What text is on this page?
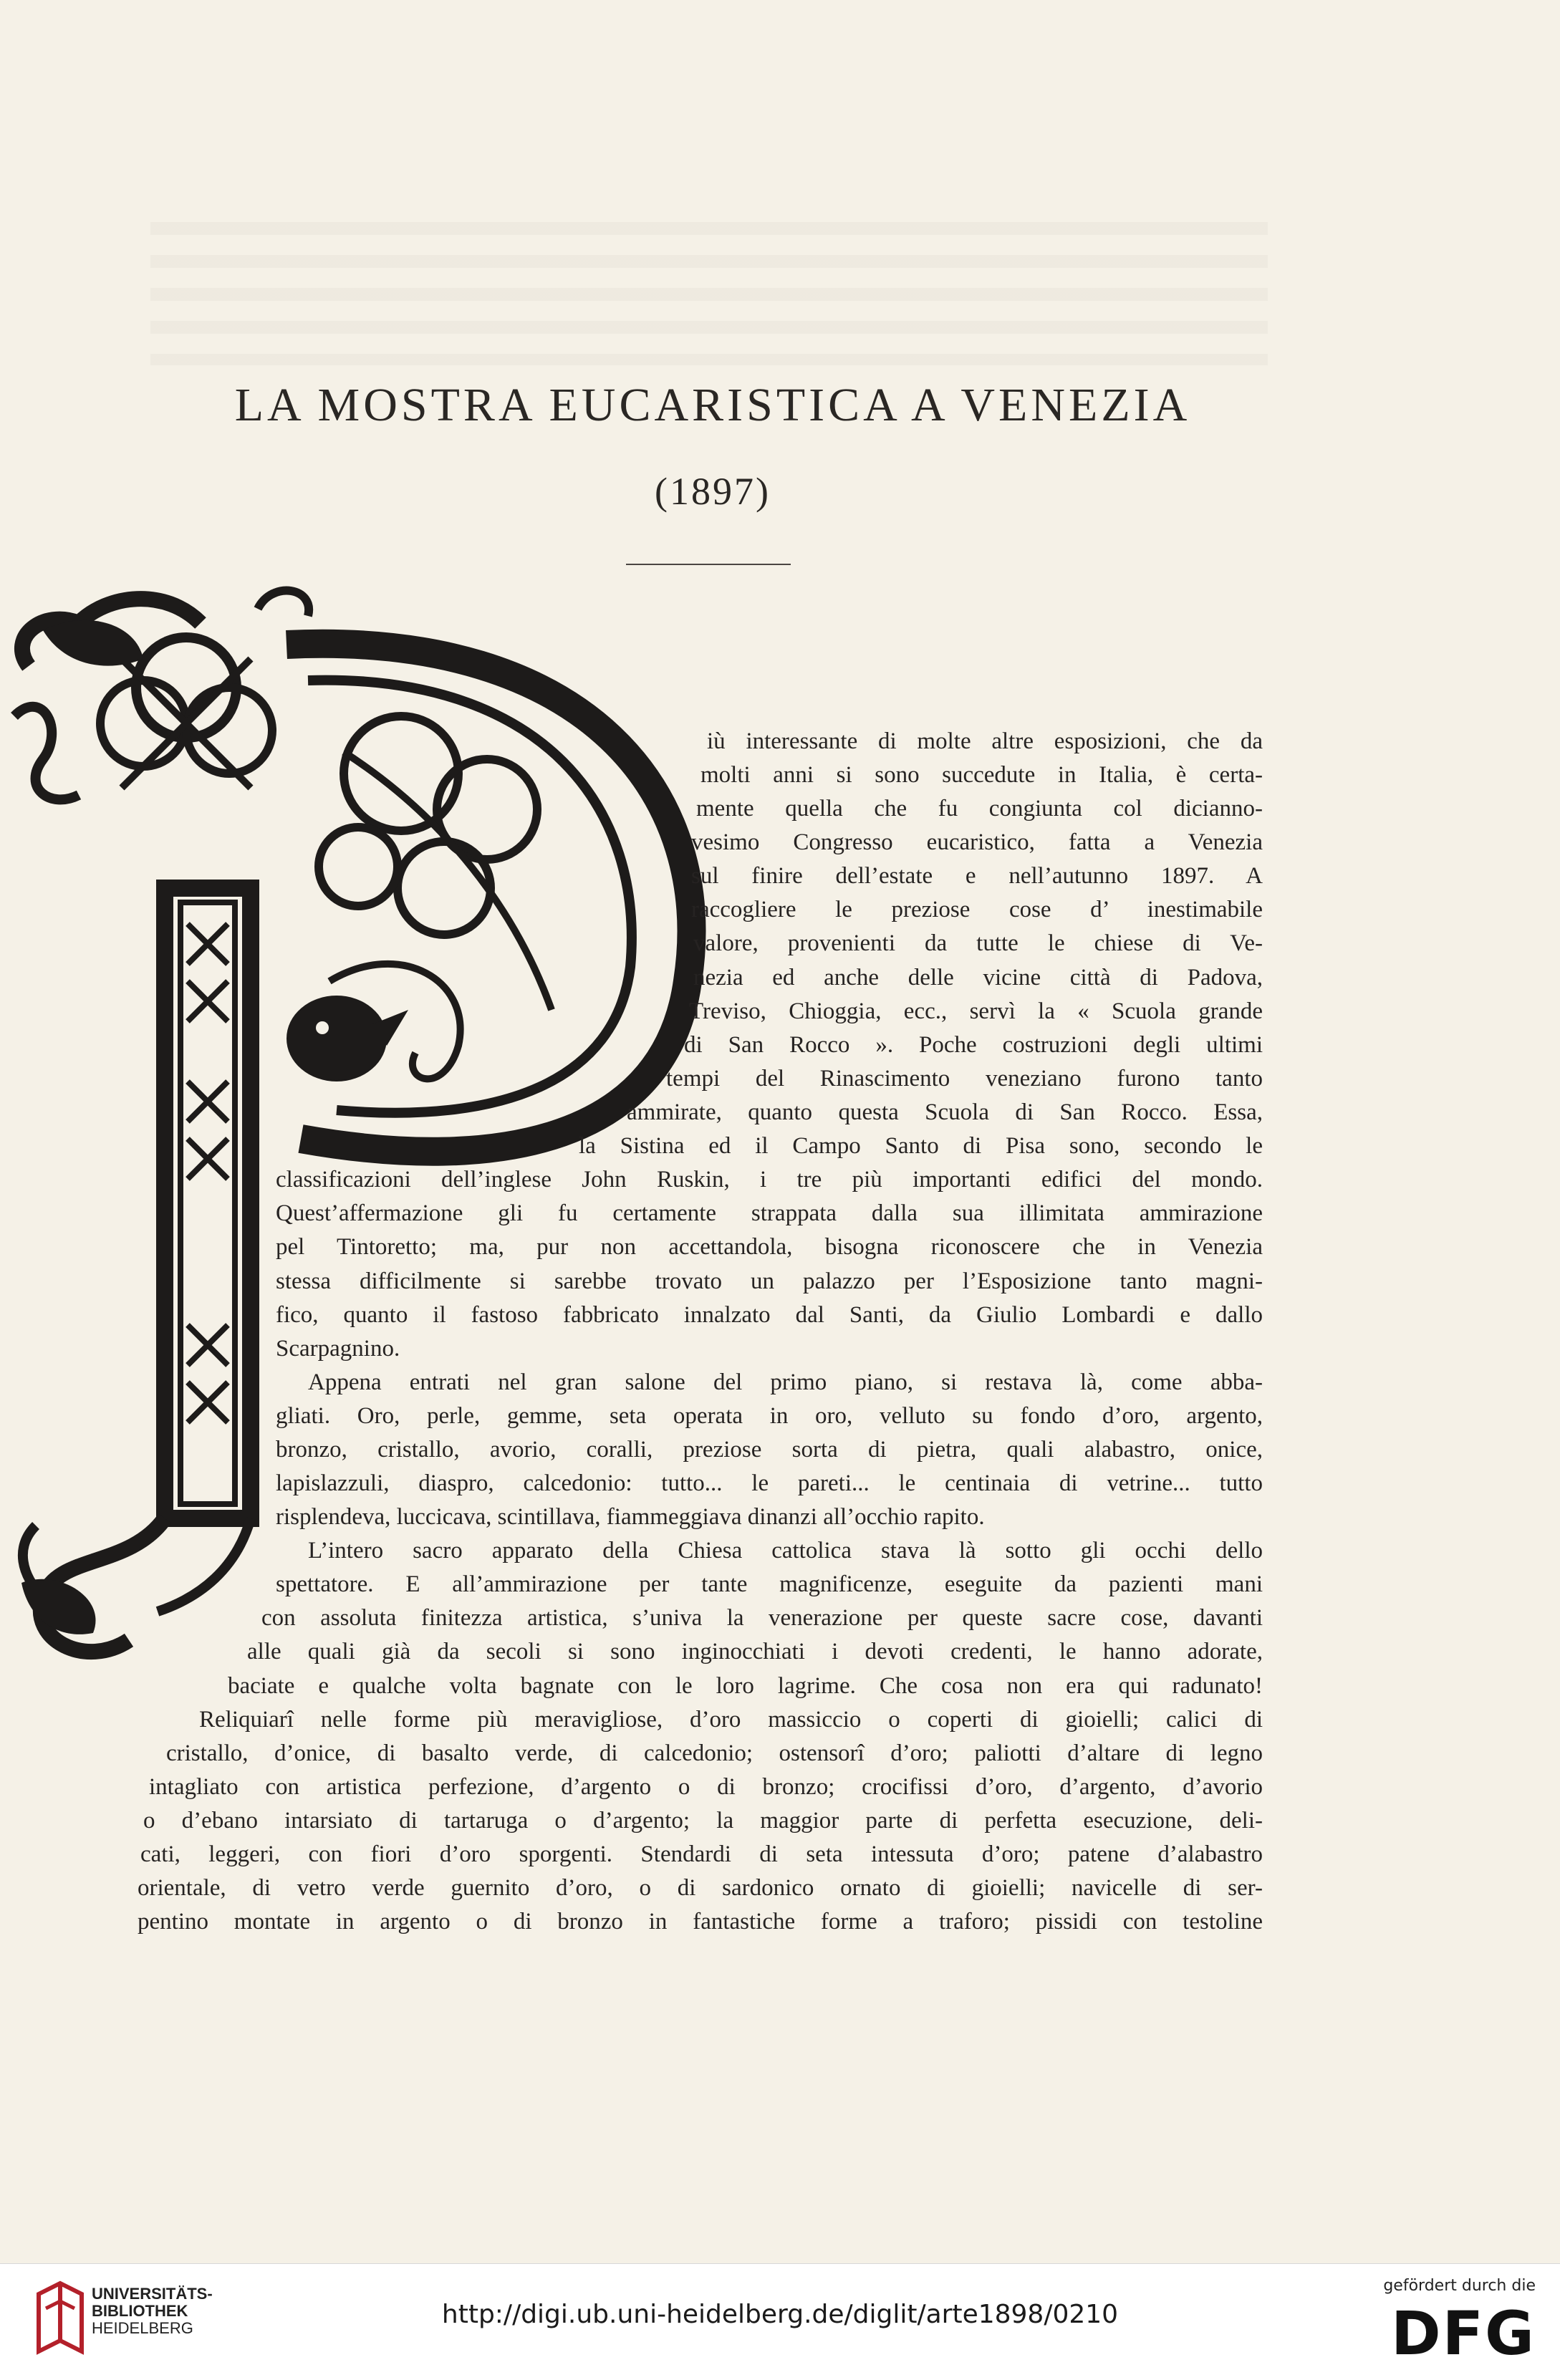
LA MOSTRA EUCARISTICA A VENEZIA
(1897)
iù interessante di molte altre esposizioni, che da
molti anni si sono succedute in Italia, è certa-
mente quella che fu congiunta col dicianno-
vesimo Congresso eucaristico, fatta a Venezia
sul finire dell’estate e nell’autunno 1897. A
raccogliere le preziose cose d’ inestimabile
valore, provenienti da tutte le chiese di Ve-
nezia ed anche delle vicine città di Padova,
Treviso, Chioggia, ecc., servì la « Scuola grande
di San Rocco ». Poche costruzioni degli ultimi
tempi del Rinascimento veneziano furono tanto
ammirate, quanto questa Scuola di San Rocco. Essa,
la Sistina ed il Campo Santo di Pisa sono, secondo le
classificazioni dell’inglese John Ruskin, i tre più importanti edifici del mondo.
Quest’affermazione gli fu certamente strappata dalla sua illimitata ammirazione
pel Tintoretto; ma, pur non accettandola, bisogna riconoscere che in Venezia
stessa difficilmente si sarebbe trovato un palazzo per l’Esposizione tanto magni-
fico, quanto il fastoso fabbricato innalzato dal Santi, da Giulio Lombardi e dallo
Scarpagnino.
Appena entrati nel gran salone del primo piano, si restava là, come abba-
gliati. Oro, perle, gemme, seta operata in oro, velluto su fondo d’oro, argento,
bronzo, cristallo, avorio, coralli, preziose sorta di pietra, quali alabastro, onice,
lapislazzuli, diaspro, calcedonio: tutto... le pareti... le centinaia di vetrine... tutto
risplendeva, luccicava, scintillava, fiammeggiava dinanzi all’occhio rapito.
L’intero sacro apparato della Chiesa cattolica stava là sotto gli occhi dello
spettatore. E all’ammirazione per tante magnificenze, eseguite da pazienti mani
con assoluta finitezza artistica, s’univa la venerazione per queste sacre cose, davanti
alle quali già da secoli si sono inginocchiati i devoti credenti, le hanno adorate,
baciate e qualche volta bagnate con le loro lagrime. Che cosa non era qui radunato!
Reliquiarî nelle forme più meravigliose, d’oro massiccio o coperti di gioielli; calici di
cristallo, d’onice, di basalto verde, di calcedonio; ostensorî d’oro; paliotti d’altare di legno
intagliato con artistica perfezione, d’argento o di bronzo; crocifissi d’oro, d’argento, d’avorio
o d’ebano intarsiato di tartaruga o d’argento; la maggior parte di perfetta esecuzione, deli-
cati, leggeri, con fiori d’oro sporgenti. Stendardi di seta intessuta d’oro; patene d’alabastro
orientale, di vetro verde guernito d’oro, o di sardonico ornato di gioielli; navicelle di ser-
pentino montate in argento o di bronzo in fantastiche forme a traforo; pissidi con testoline
UNIVERSITÄTS-
BIBLIOTHEK
HEIDELBERG	http://digi.ub.uni-heidelberg.de/diglit/arte1898/0210
gefördert durch die
DFG
